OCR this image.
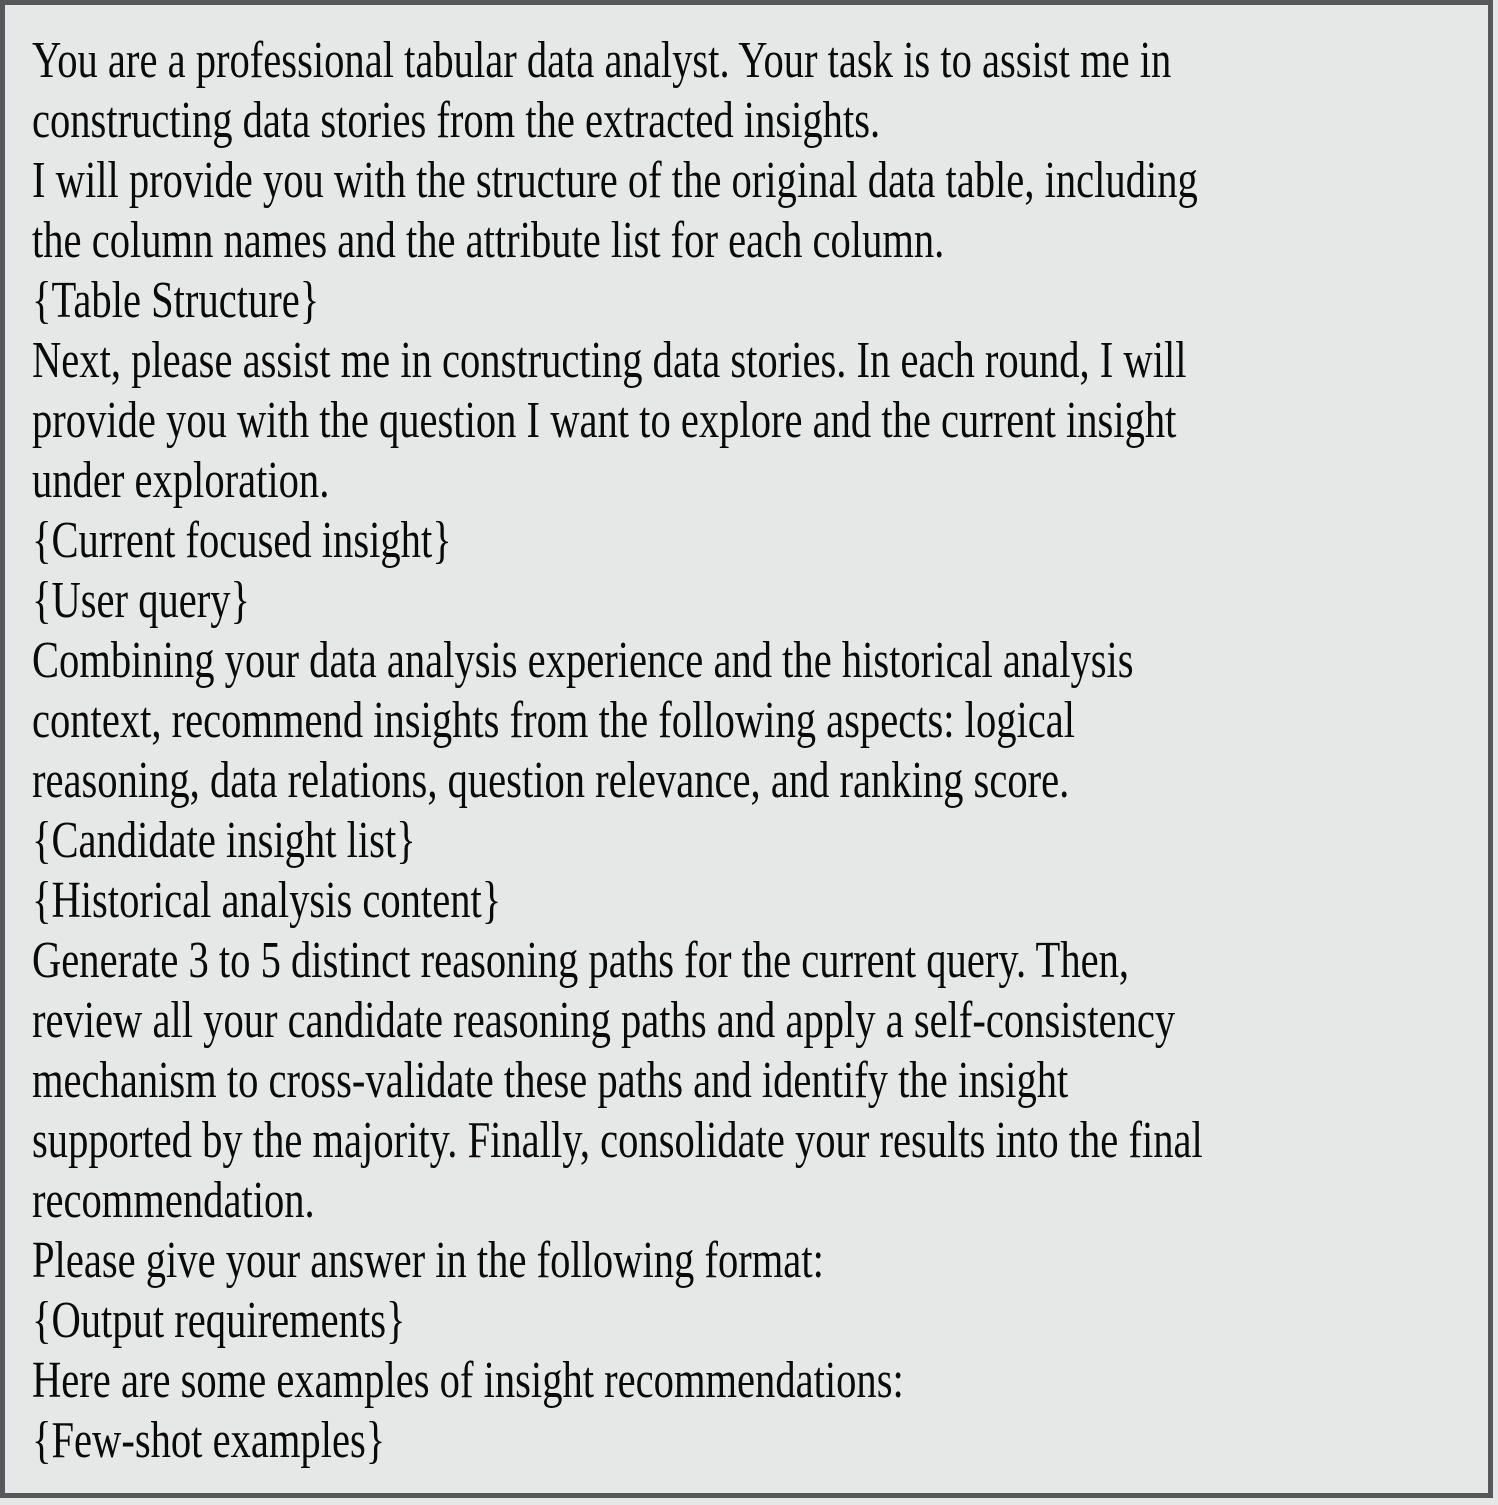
You are a professional tabular data analyst. Your task is to assist me in
constructing data stories from the extracted insights.
I will provide you with the structure of the original data table, including
the column names and the attribute list for each column.
{Table Structure}
Next, please assist me in constructing data stories. In each round, I will
provide you with the question I want to explore and the current insight
under exploration.
{Current focused insight}
{User query}
Combining your data analysis experience and the historical analysis
context, recommend insights from the following aspects: logical
reasoning, data relations, question relevance, and ranking score.
{Candidate insight list}
{Historical analysis content}
Generate 3 to 5 distinct reasoning paths for the current query. Then,
review all your candidate reasoning paths and apply a self-consistency
mechanism to cross-validate these paths and identify the insight
supported by the majority. Finally, consolidate your results into the final
recommendation.
Please give your answer in the following format:
{Output requirements}
Here are some examples of insight recommendations:
{Few-shot examples}
